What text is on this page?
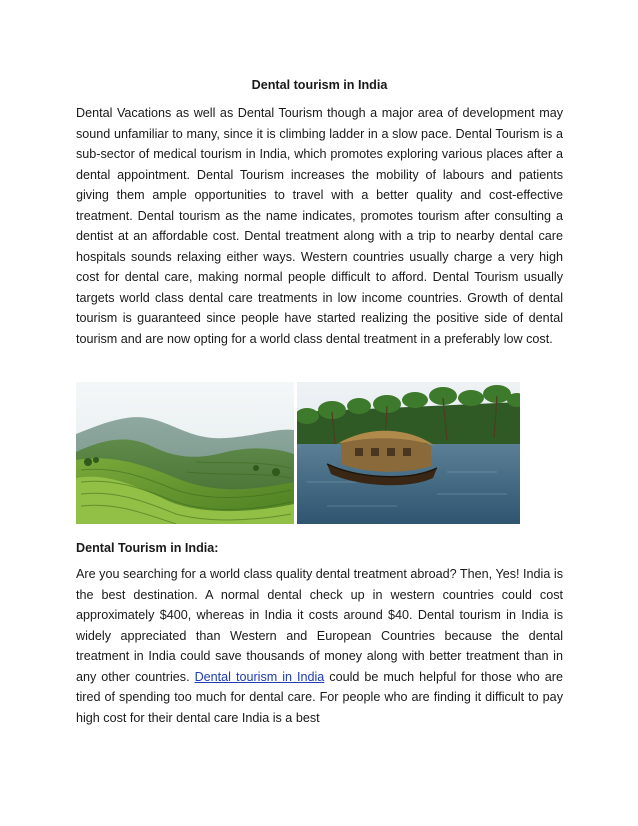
Dental tourism in India

Dental Vacations as well as Dental Tourism though a major area of development may sound unfamiliar to many, since it is climbing ladder in a slow pace. Dental Tourism is a sub-sector of medical tourism in India, which promotes exploring various places after a dental appointment. Dental Tourism increases the mobility of labours and patients giving them ample opportunities to travel with a better quality and cost-effective treatment. Dental tourism as the name indicates, promotes tourism after consulting a dentist at an affordable cost. Dental treatment along with a trip to nearby dental care hospitals sounds relaxing either ways. Western countries usually charge a very high cost for dental care, making normal people difficult to afford. Dental Tourism usually targets world class dental care treatments in low income countries. Growth of dental tourism is guaranteed since people have started realizing the positive side of dental tourism and are now opting for a world class dental treatment in a preferably low cost.

Dental Tourism in India:

Are you searching for a world class quality dental treatment abroad? Then, Yes! India is the best destination. A normal dental check up in western countries could cost approximately $400, whereas in India it costs around $40. Dental tourism in India is widely appreciated than Western and European Countries because the dental treatment in India could save thousands of money along with better treatment than in any other countries. Dental tourism in India could be much helpful for those who are tired of spending too much for dental care. For people who are finding it difficult to pay high cost for their dental care India is a best
